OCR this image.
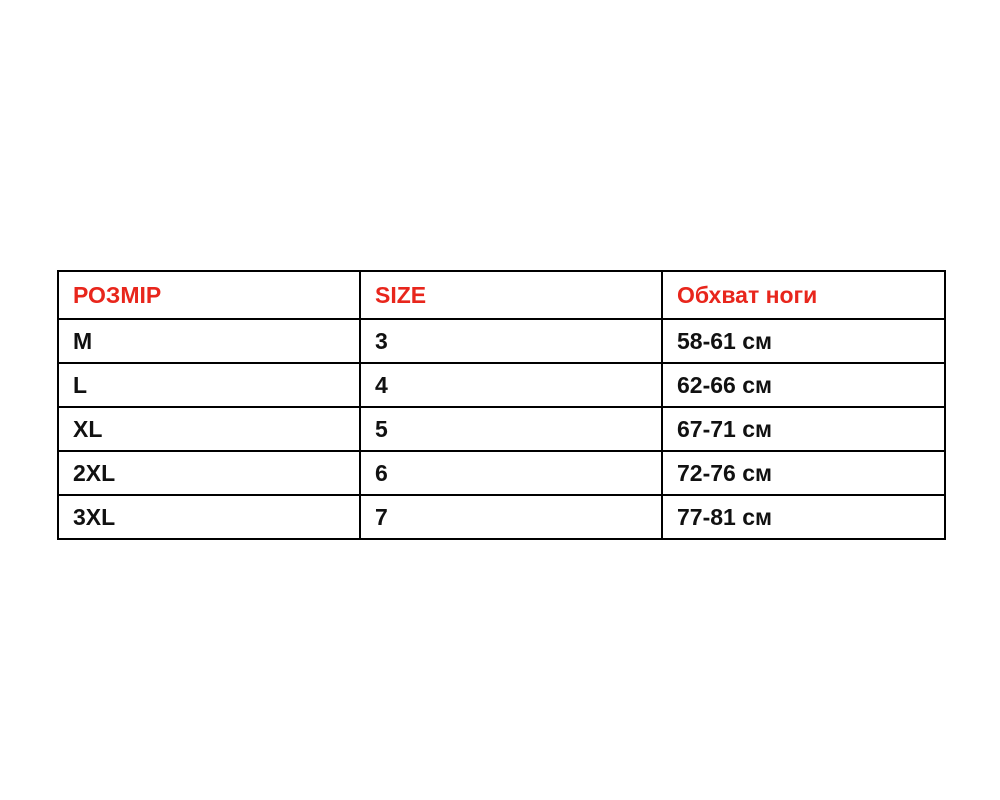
РОЗМІР	SIZE	Обхват ноги
M	3	58-61 см
L	4	62-66 см
XL	5	67-71 см
2XL	6	72-76 см
3XL	7	77-81 см
